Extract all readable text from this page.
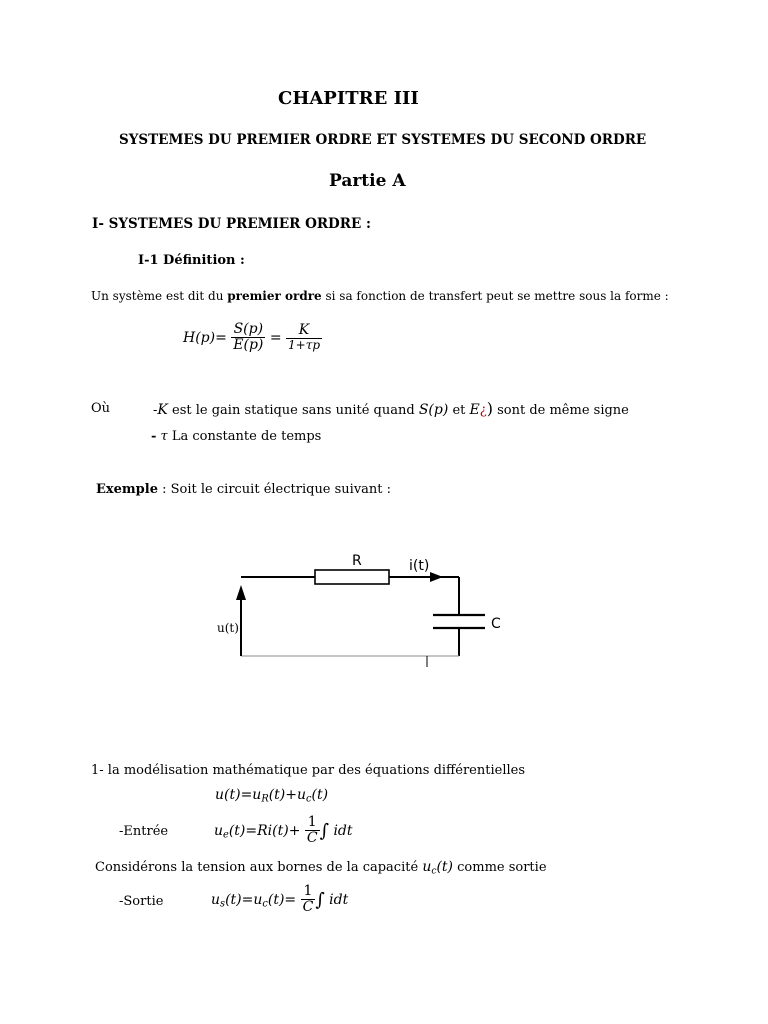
CHAPITRE III
SYSTEMES DU PREMIER ORDRE ET SYSTEMES DU SECOND ORDRE
Partie A
I- SYSTEMES DU PREMIER ORDRE :
I-1 Définition :
Un système est dit du premier ordre si sa fonction de transfert peut se mettre sous la forme :
$H(p)= \frac{S(p)}{E(p)} = \frac{K}{1+\tau p}$
Où	-K est le gain statique sans unité quand S(p) et E¿) sont de même signe
- τ La constante de temps
Exemple : Soit le circuit électrique suivant :
R	i(t)
C
u(t)
1- la modélisation mathématique par des équations différentielles
$u(t)=u_R(t)+u_c(t)$
-Entrée	$u_e(t)=Ri(t)+ \frac{1}{C}$ ∫ idt
Considérons la tension aux bornes de la capacité $u_c(t)$ comme sortie
-Sortie	$u_s(t)=u_c(t)= \frac{1}{C}$ ∫ idt
